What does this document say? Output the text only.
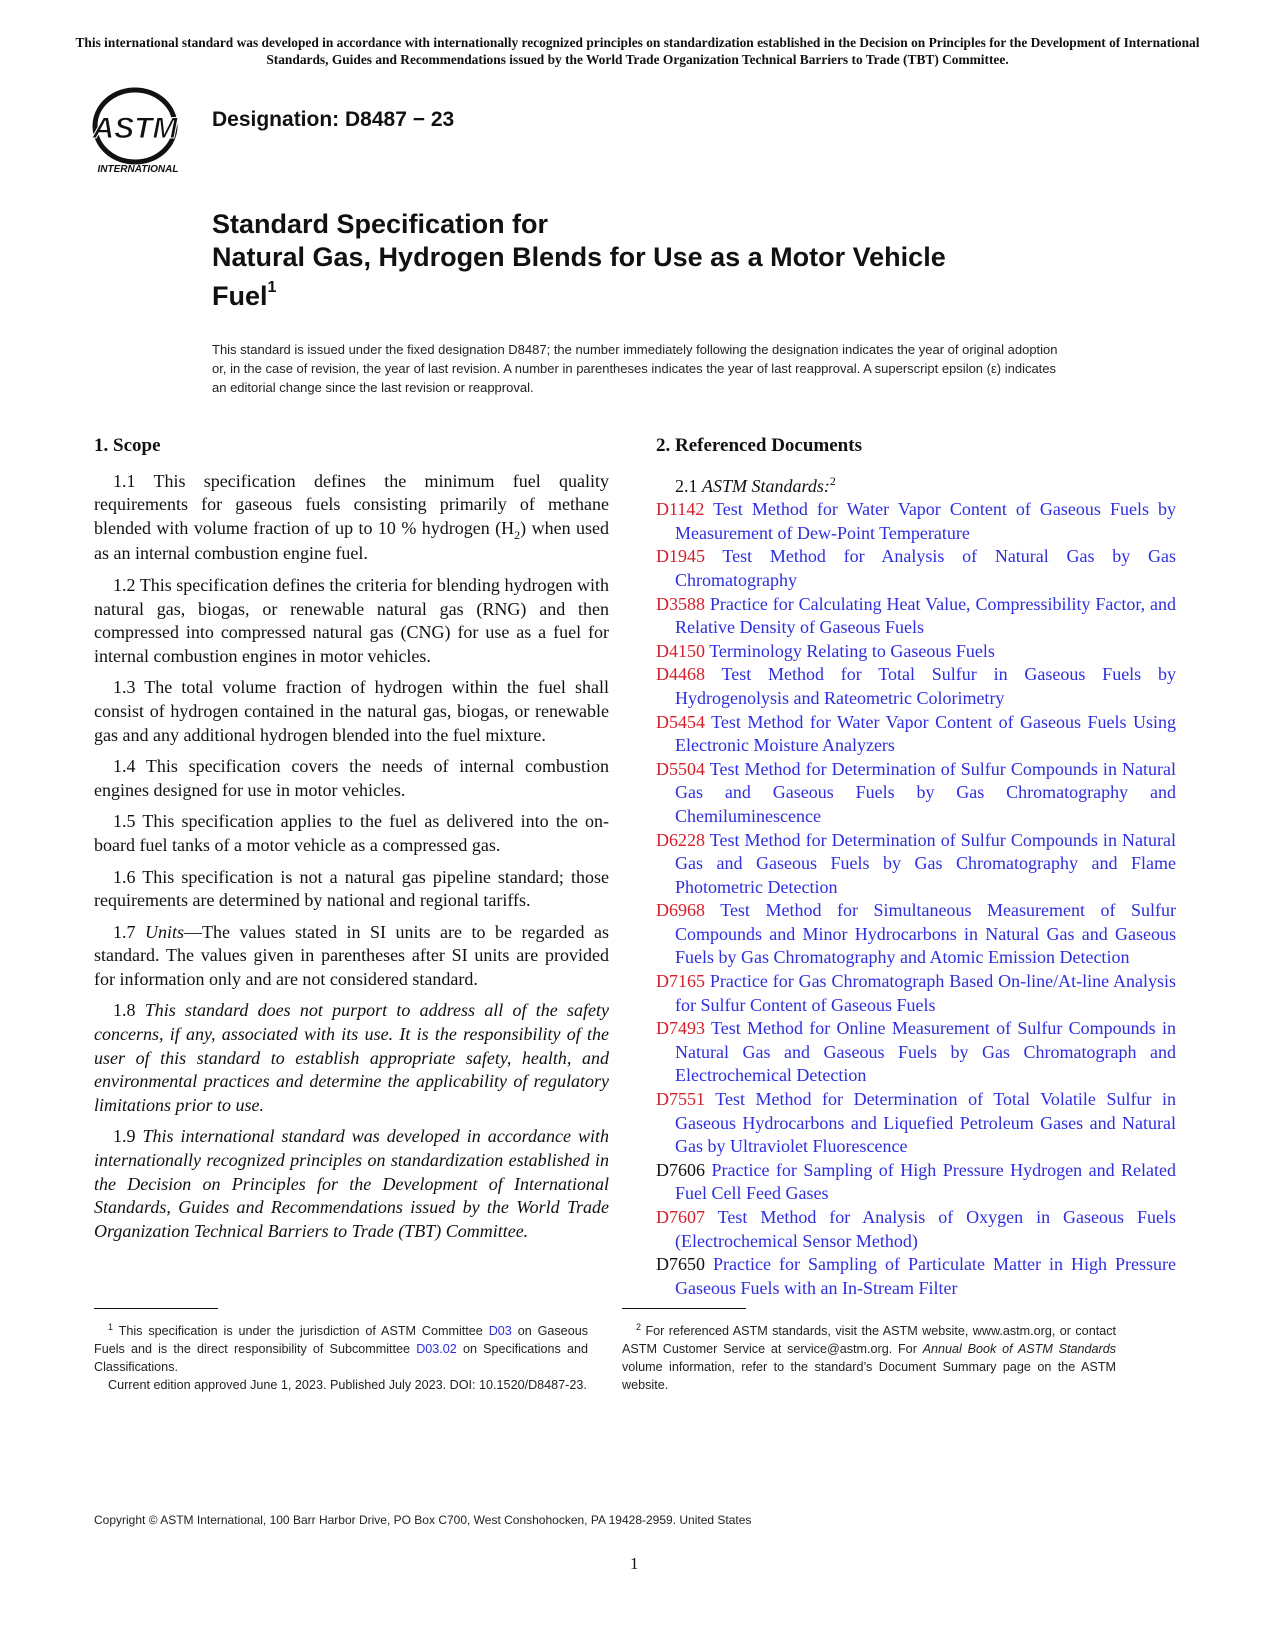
This international standard was developed in accordance with internationally recognized principles on standardization established in the Decision on Principles for the Development of International Standards, Guides and Recommendations issued by the World Trade Organization Technical Barriers to Trade (TBT) Committee.
ASTM
INTERNATIONAL
Designation: D8487 − 23
Standard Specification for
Natural Gas, Hydrogen Blends for Use as a Motor Vehicle
Fuel$^1$
This standard is issued under the fixed designation D8487; the number immediately following the designation indicates the year of original adoption or, in the case of revision, the year of last revision. A number in parentheses indicates the year of last reapproval. A superscript epsilon (ε) indicates an editorial change since the last revision or reapproval.
1. Scope

1.1 This specification defines the minimum fuel quality requirements for gaseous fuels consisting primarily of methane blended with volume fraction of up to 10 % hydrogen $(H_2)$ when used as an internal combustion engine fuel.

1.2 This specification defines the criteria for blending hydrogen with natural gas, biogas, or renewable natural gas (RNG) and then compressed into compressed natural gas (CNG) for use as a fuel for internal combustion engines in motor vehicles.

1.3 The total volume fraction of hydrogen within the fuel shall consist of hydrogen contained in the natural gas, biogas, or renewable gas and any additional hydrogen blended into the fuel mixture.

1.4 This specification covers the needs of internal combustion engines designed for use in motor vehicles.

1.5 This specification applies to the fuel as delivered into the on-board fuel tanks of a motor vehicle as a compressed gas.

1.6 This specification is not a natural gas pipeline standard; those requirements are determined by national and regional tariffs.

1.7 Units—The values stated in SI units are to be regarded as standard. The values given in parentheses after SI units are provided for information only and are not considered standard.

1.8 This standard does not purport to address all of the safety concerns, if any, associated with its use. It is the responsibility of the user of this standard to establish appropriate safety, health, and environmental practices and determine the applicability of regulatory limitations prior to use.

1.9 This international standard was developed in accordance with internationally recognized principles on standardization established in the Decision on Principles for the Development of International Standards, Guides and Recommendations issued by the World Trade Organization Technical Barriers to Trade (TBT) Committee.

2. Referenced Documents

2.1 ASTM Standards:$^2$

D1142 Test Method for Water Vapor Content of Gaseous Fuels by Measurement of Dew-Point Temperature

D1945 Test Method for Analysis of Natural Gas by Gas Chromatography

D3588 Practice for Calculating Heat Value, Compressibility Factor, and Relative Density of Gaseous Fuels

D4150 Terminology Relating to Gaseous Fuels

D4468 Test Method for Total Sulfur in Gaseous Fuels by Hydrogenolysis and Rateometric Colorimetry

D5454 Test Method for Water Vapor Content of Gaseous Fuels Using Electronic Moisture Analyzers

D5504 Test Method for Determination of Sulfur Compounds in Natural Gas and Gaseous Fuels by Gas Chromatography and Chemiluminescence

D6228 Test Method for Determination of Sulfur Compounds in Natural Gas and Gaseous Fuels by Gas Chromatography and Flame Photometric Detection

D6968 Test Method for Simultaneous Measurement of Sulfur Compounds and Minor Hydrocarbons in Natural Gas and Gaseous Fuels by Gas Chromatography and Atomic Emission Detection

D7165 Practice for Gas Chromatograph Based On-line/At-line Analysis for Sulfur Content of Gaseous Fuels

D7493 Test Method for Online Measurement of Sulfur Compounds in Natural Gas and Gaseous Fuels by Gas Chromatograph and Electrochemical Detection

D7551 Test Method for Determination of Total Volatile Sulfur in Gaseous Hydrocarbons and Liquefied Petroleum Gases and Natural Gas by Ultraviolet Fluorescence

D7606 Practice for Sampling of High Pressure Hydrogen and Related Fuel Cell Feed Gases

D7607 Test Method for Analysis of Oxygen in Gaseous Fuels (Electrochemical Sensor Method)

D7650 Practice for Sampling of Particulate Matter in High Pressure Gaseous Fuels with an In-Stream Filter

$^1$ This specification is under the jurisdiction of ASTM Committee D03 on Gaseous Fuels and is the direct responsibility of Subcommittee D03.02 on Specifications and Classifications.
Current edition approved June 1, 2023. Published July 2023. DOI: 10.1520/D8487-23.
$^2$ For referenced ASTM standards, visit the ASTM website, www.astm.org, or contact ASTM Customer Service at service@astm.org. For Annual Book of ASTM Standards volume information, refer to the standard’s Document Summary page on the ASTM website.
Copyright © ASTM International, 100 Barr Harbor Drive, PO Box C700, West Conshohocken, PA 19428-2959. United States
1
